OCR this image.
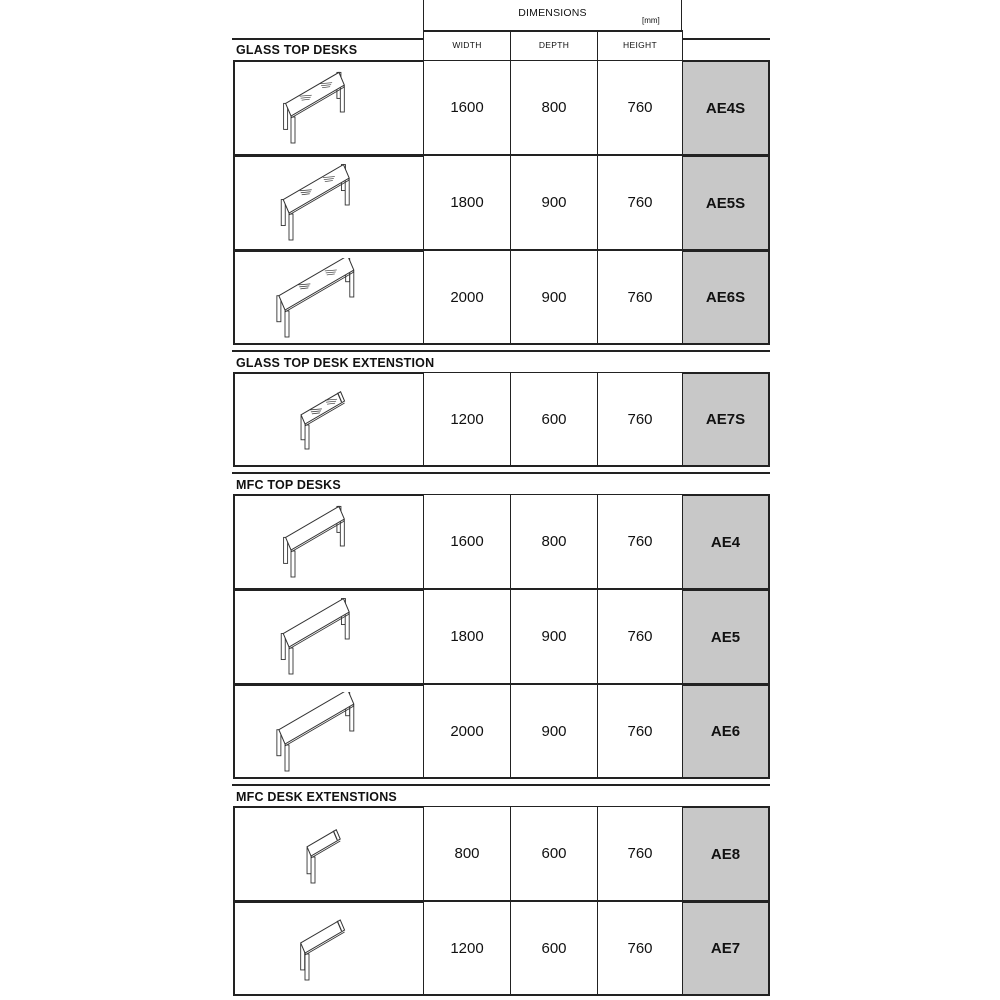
DIMENSIONS
[mm]
WIDTH	DEPTH	HEIGHT
GLASS TOP DESKS
1600	800	760	AE4S
1800	900	760	AE5S
2000	900	760	AE6S
GLASS TOP DESK EXTENSTION
1200	600	760	AE7S
MFC TOP DESKS
1600	800	760	AE4
1800	900	760	AE5
2000	900	760	AE6
MFC DESK EXTENSTIONS
800	600	760	AE8
1200	600	760	AE7
